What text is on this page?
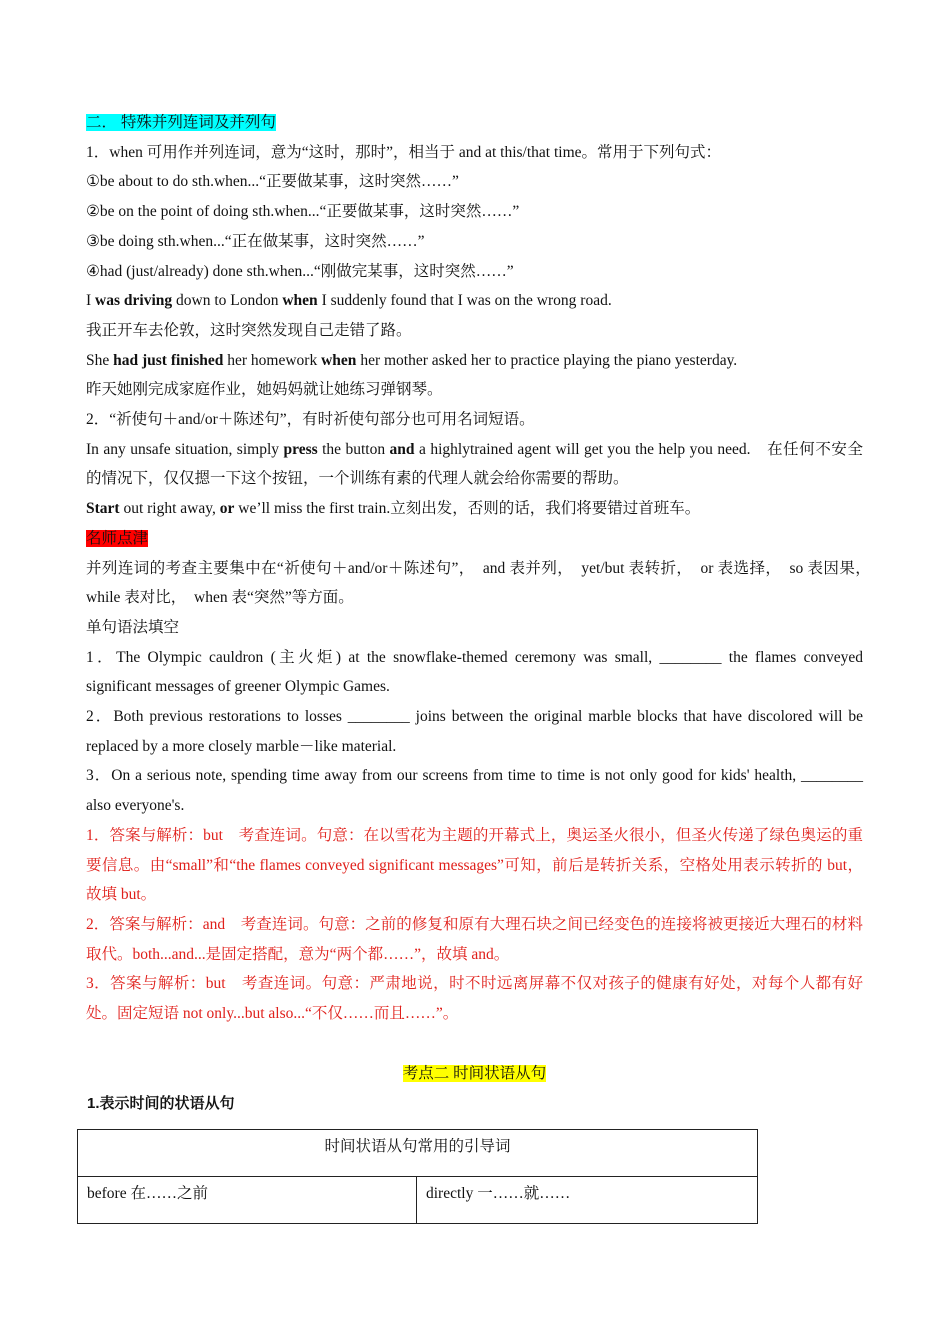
二． 特殊并列连词及并列句
1．when 可用作并列连词，意为“这时，那时”，相当于 and at this/that time。常用于下列句式：
①be about to do sth.when...“正要做某事，这时突然……”
②be on the point of doing sth.when...“正要做某事，这时突然……”
③be doing sth.when...“正在做某事，这时突然……”
④had (just/already) done sth.when...“刚做完某事，这时突然……”
I was driving down to London when I suddenly found that I was on the wrong road.
我正开车去伦敦，这时突然发现自己走错了路。
She had just finished her homework when her mother asked her to practice playing the piano yesterday.
昨天她刚完成家庭作业，她妈妈就让她练习弹钢琴。
2．“祈使句＋and/or＋陈述句”，有时祈使句部分也可用名词短语。
In any unsafe situation, simply press the button and a highlytrained agent will get you the help you need.　在任何不安全的情况下，仅仅摁一下这个按钮，一个训练有素的代理人就会给你需要的帮助。
Start out right away, or we’ll miss the first train.立刻出发，否则的话，我们将要错过首班车。
名师点津
并列连词的考查主要集中在“祈使句＋and/or＋陈述句”，　and 表并列，　yet/but 表转折，　or 表选择，　so 表因果，　while 表对比，　when 表“突然”等方面。
单句语法填空
1．The Olympic cauldron (主火炬) at the snowflake-themed ceremony was small, ________ the flames conveyed significant messages of greener Olympic Games.
2．Both previous restorations to losses ________ joins between the original marble blocks that have discolored will be replaced by a more closely marble－like material.
3．On a serious note, spending time away from our screens from time to time is not only good for kids' health, ________ also everyone's.
1．答案与解析：but　考查连词。句意：在以雪花为主题的开幕式上，奥运圣火很小，但圣火传递了绿色奥运的重要信息。由“small”和“the flames conveyed significant messages”可知，前后是转折关系，空格处用表示转折的 but，故填 but。
2．答案与解析：and　考查连词。句意：之前的修复和原有大理石块之间已经变色的连接将被更接近大理石的材料取代。both...and...是固定搭配，意为“两个都……”，故填 and。
3．答案与解析：but　考查连词。句意：严肃地说，时不时远离屏幕不仅对孩子的健康有好处，对每个人都有好处。固定短语 not only...but also...“不仅……而且……”。
考点二 时间状语从句
1.表示时间的状语从句
时间状语从句常用的引导词
before 在……之前	directly 一……就……
